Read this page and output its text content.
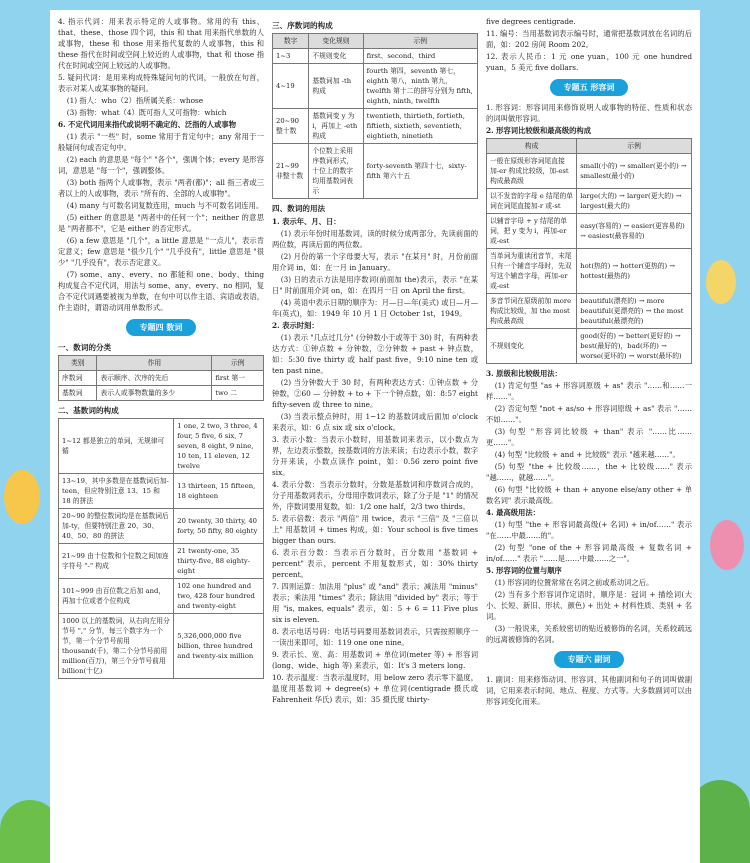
4. 指示代词：用来表示特定的人或事物。常用的有 this、that、these、those 四个词，this 和 that 用来指代单数的人或事物，these 和 those 用来指代复数的人或事物，this 和 these 指代在时间或空间上较近的人或事物，that 和 those 指代在时间或空间上较远的人或事物。

5. 疑问代词：是用来构成特殊疑问句的代词，一般放在句首，表示对某人或某事物的疑问。

(1) 指人：who（2）指所属关系：whose

(3) 指物：what（4）既可指人又可指物：which

6. 不定代词用来指代或说明不确定的、泛指的人或事物

(1) 表示 "一些" 时，some 常用于肯定句中；any 常用于一般疑问句或否定句中。

(2) each 的意思是 "每个" "各个"，强调个体；every 是形容词，意思是 "每一个"，强调整体。

(3) both 指两个人或事物，表示 "两者(都)"；all 指三者或三者以上的人或事物，表示 "所有的、全部的人或事物"。

(4) many 与可数名词复数连用，much 与不可数名词连用。

(5) either 的意思是 "两者中的任何一个"；neither 的意思是 "两者都不"，它是 either 的否定形式。

(6) a few 意思是 "几个"，a little 意思是 "一点儿"，表示肯定意义；few 意思是 "很少几个" "几乎没有"，little 意思是 "很少" "几乎没有"，表示否定意义。

(7) some、any、every、no 都能和 one、body、thing 构成复合不定代词，用法与 some、any、every、no 相同，复合不定代词遇要被视为单数，在句中可以作主语、宾语或表语，作主语时，谓语动词用单数形式。

专题四 数词
一、数词的分类
类别	作用	示例
序数词	表示顺序、次序的先后	first 第一
基数词	表示人或事物数量的多少	two 二
二、基数词的构成
1~12 都是独立的单词，无规律可循	1 one, 2 two, 3 three, 4 four, 5 five, 6 six, 7 seven, 8 eight, 9 nine, 10 ten, 11 eleven, 12 twelve
13~19，其中多数是在基数词后加-teen，但应特别注意 13、15 和 18 的拼法	13 thirteen, 15 fifteen, 18 eighteen
20~90 的整位数词均是在基数词后加-ty，但要特别注意 20、30、40、50、80 的拼法	20 twenty, 30 thirty, 40 forty, 50 fifty, 80 eighty
21~99 由十位数和个位数之间加连字符号 "-" 构成	21 twenty-one, 35 thirty-five, 88 eighty-eight
101~999 由百位数之后加 and，再加十位或者个位构成	102 one hundred and two, 428 four hundred and twenty-eight
1000 以上的基数词，从右向左用分节号 "," 分节，每三个数字为一个节，第一个分节号前用 thousand(千)，第二个分节号前用 million(百万)，第三个分节号前用 billion(十亿)	5,326,000,000 five billion, three hundred and twenty-six million
三、序数词的构成
数字	变化规则	示例
1~3	不规则变化	first、second、third
4~19	基数词加 -th 构成	fourth 第四，seventh 第七，eighth 第八，ninth 第九，twelfth 第十二的拼写分别为 fifth, eighth, ninth, twelfth
20~90 整十数	基数词变 y 为 i，再加上 -eth 构成	twentieth, thirtieth, fortieth, fiftieth, sixtieth, seventieth, eightieth, ninetieth
21~99 非整十数	个位数上采用序数词形式，十位上的数字均用基数词表示	forty-seventh 第四十七，sixty-fifth 第六十五
四、数词的用法

1. 表示年、月、日：

(1) 表示年份时用基数词，读的时候分成两部分，先读前面的两位数，再读后面的两位数。

(2) 月份的第一个字母要大写，表示 "在某月" 时，月份前面用介词 in，如：在一月 in January。

(3) 日的表示方法是用序数词(前面加 the)表示，表示 "在某日" 时前面用介词 on，如：在四月一日 on April the first。

(4) 英语中表示日期的顺序为：月—日—年(美式) 或日—月—年(英式)，如：1949 年 10 月 1 日 October 1st，1949。

2. 表示时刻：

(1) 表示 "几点过几分" (分钟数小于或等于 30) 时，有两种表达方式：①钟点数 + 分钟数，②分钟数 + past + 钟点数，如：5:30 five thirty 或 half past five，9:10 nine ten 或 ten past nine。

(2) 当分钟数大于 30 时，有两种表达方式：①钟点数 + 分钟数，②60 — 分钟数 + to + 下一个钟点数，如：8:57 eight fifty-seven 或 three to nine。

(3) 当表示整点钟时，用 1~12 的基数词或后面加 o'clock 来表示，如：6 点 six 或 six o'clock。

3. 表示小数：当表示小数时，用基数词来表示，以小数点为界，左边表示整数，按基数词的方法来读；右边表示小数，数字分开来读，小数点读作 point，如：0.56 zero point five six。

4. 表示分数：当表示分数时，分数是基数词和序数词合成的，分子用基数词表示，分母用序数词表示，除了分子是 "1" 的情况外，序数词要用复数，如：1/2 one half，2/3 two thirds。

5. 表示倍数：表示 "两倍" 用 twice，表示 "三倍" 及 "三倍以上" 用基数词 + times 构成，如：Your school is five times bigger than ours.

6. 表示百分数：当表示百分数时，百分数用 "基数词 + percent" 表示，percent 不用复数形式，如：30% thirty percent。

7. 四则运算：加法用 "plus" 或 "and" 表示；减法用 "minus" 表示；乘法用 "times" 表示；除法用 "divided by" 表示；等于用 "is, makes, equals" 表示，如：5 + 6 = 11 Five plus six is eleven.

8. 表示电话号码：电话号码要用基数词表示，只需按照顺序一一读出来即可，如：119 one one nine。

9. 表示长、宽、高：用基数词 + 单位词(meter 等) + 形容词(long、wide、high 等) 来表示，如：It's 3 meters long.

10. 表示温度：当表示温度时，用 below zero 表示零下温度，温度用基数词 + degree(s) + 单位词(centigrade 摄氏或 Fahrenheit 华氏) 表示，如：35 摄氏度 thirty-

five degrees centigrade.

11. 编号：当用基数词表示编号时，通常把基数词放在名词的后面，如：202 房间 Room 202。

12. 表示人民币：1 元 one yuan，100 元 one hundred yuan，5 美元 five dollars.

专题五 形容词

1. 形容词：形容词用来修饰说明人或事物的特征、性质和状态的词叫做形容词。

2. 形容词比较级和最高级的构成

构成	示例
一般在原级形容词尾直接加-er 构成比较级，加-est 构成最高级	small(小的) → smaller(更小的) → smallest(最小的)
以不发音的字母 e 结尾的单词在词尾直接加-r 或-st	large(大的) → larger(更大的) → largest(最大的)
以辅音字母 + y 结尾的单词，把 y 变为 i，再加-er 或-est	easy(容易的) → easier(更容易的) → easiest(最容易的)
当单词为重读闭音节，末尾只有一个辅音字母时，先双写这个辅音字母，再加-er 或-est	hot(热的) → hotter(更热的) → hottest(最热的)
多音节词在原级前加 more 构成比较级，加 the most 构成最高级	beautiful(漂亮的) → more beautiful(更漂亮的) → the most beautiful(最漂亮的)
不规则变化	good(好的) → better(更好的) → best(最好的)，bad(坏的) → worse(更坏的) → worst(最坏的)

3. 原级和比较级用法：

(1) 肯定句型 "as + 形容词原级 + as" 表示 "……和……一样……"。

(2) 否定句型 "not + as/so + 形容词原级 + as" 表示 "……不如……"。

(3) 句型 "形容词比较级 + than" 表示 "……比……更……"。

(4) 句型 "比较级 + and + 比较级" 表示 "越来越……"。

(5) 句型 "the + 比较级……，the + 比较级……" 表示 "越……，就越……"。

(6) 句型 "比较级 + than + anyone else/any other + 单数名词" 表示最高级。

4. 最高级用法：

(1) 句型 "the + 形容词最高级(+ 名词) + in/of……" 表示 "在……中最……的"。

(2) 句型 "one of the + 形容词最高级 + 复数名词 + in/of……" 表示 "……是……中最……之一"。

5. 形容词的位置与顺序

(1) 形容词的位置常常在名词之前或系动词之后。

(2) 当有多个形容词作定语时，顺序是：冠词 + 描绘词(大小、长短、新旧、形状、颜色) + 出处 + 材料性质、类别 + 名词。

(3) 一般说来，关系较密切的贴近被修饰的名词，关系较疏远的远离被修饰的名词。

专题六 副词

1. 副词：用来修饰动词、形容词、其他副词和句子的词叫做副词，它用来表示时间、地点、程度、方式等。大多数副词可以由形容词变化而来。
